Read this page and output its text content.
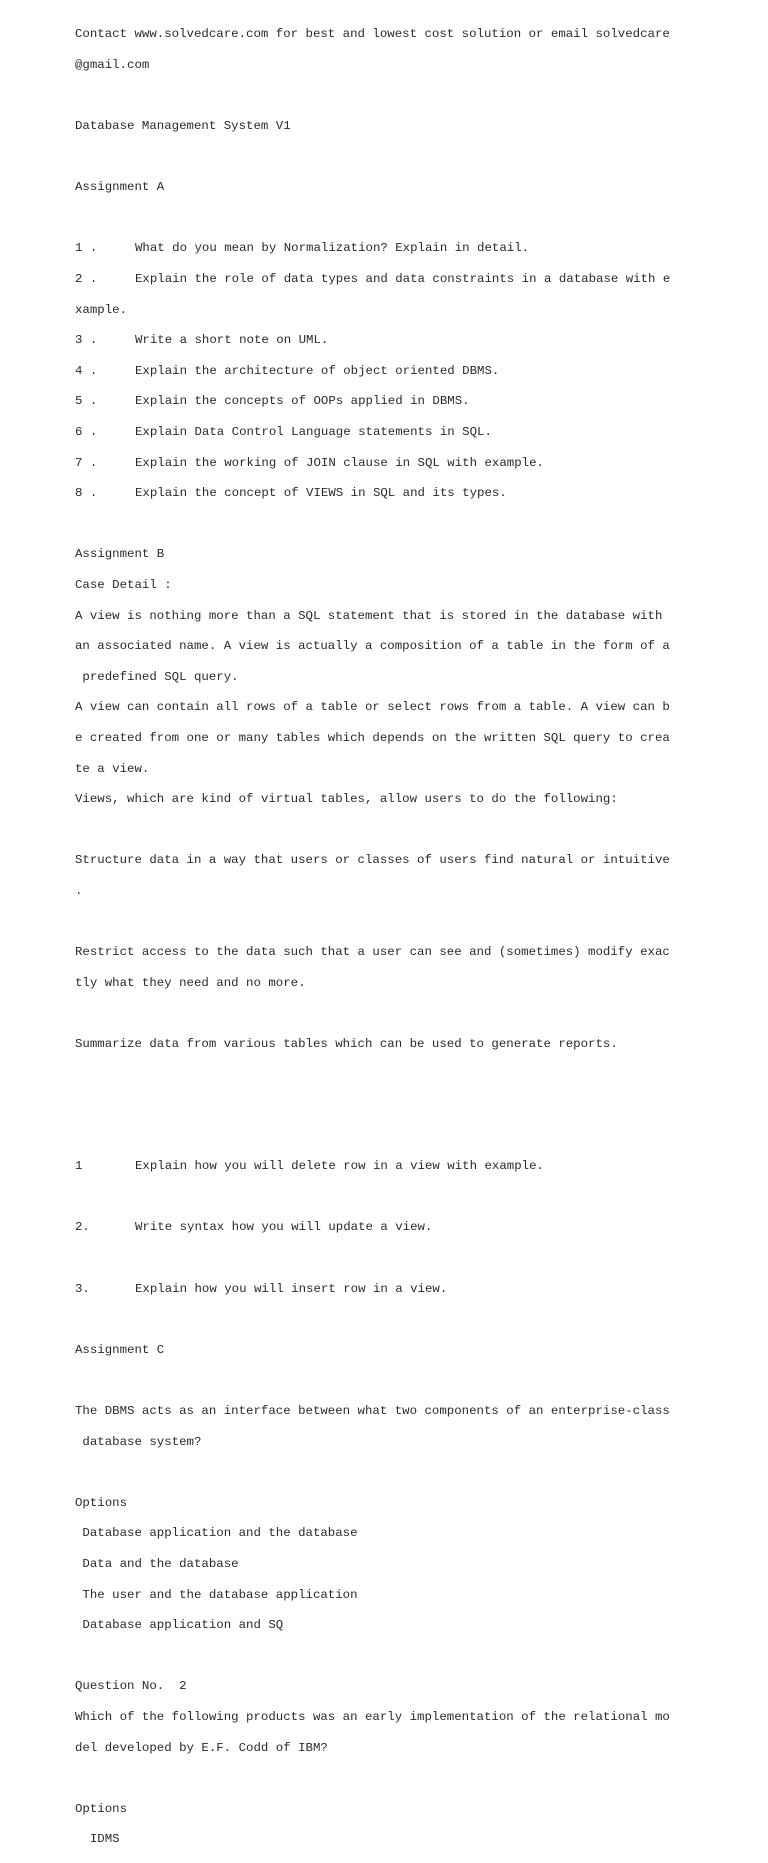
Contact www.solvedcare.com for best and lowest cost solution or email solvedcare

@gmail.com

Database Management System V1

Assignment A

1 .	What do you mean by Normalization? Explain in detail.

2 .	Explain the role of data types and data constraints in a database with e

xample.

3 .	Write a short note on UML.

4 .	Explain the architecture of object oriented DBMS.

5 .	Explain the concepts of OOPs applied in DBMS.

6 .	Explain Data Control Language statements in SQL.

7 .	Explain the working of JOIN clause in SQL with example.

8 .	Explain the concept of VIEWS in SQL and its types.

Assignment B

Case Detail :

A view is nothing more than a SQL statement that is stored in the database with

an associated name. A view is actually a composition of a table in the form of a

predefined SQL query.

A view can contain all rows of a table or select rows from a table. A view can b

e created from one or many tables which depends on the written SQL query to crea

te a view.

Views, which are kind of virtual tables, allow users to do the following:

Structure data in a way that users or classes of users find natural or intuitive

.

Restrict access to the data such that a user can see and (sometimes) modify exac

tly what they need and no more.

Summarize data from various tables which can be used to generate reports.

1	Explain how you will delete row in a view with example.

2.	Write syntax how you will update a view.

3.	Explain how you will insert row in a view.

Assignment C

The DBMS acts as an interface between what two components of an enterprise-class

database system?

Options

Database application and the database

Data and the database

The user and the database application

Database application and SQ

Question No.  2

Which of the following products was an early implementation of the relational mo

del developed by E.F. Codd of IBM?

Options

IDMS
